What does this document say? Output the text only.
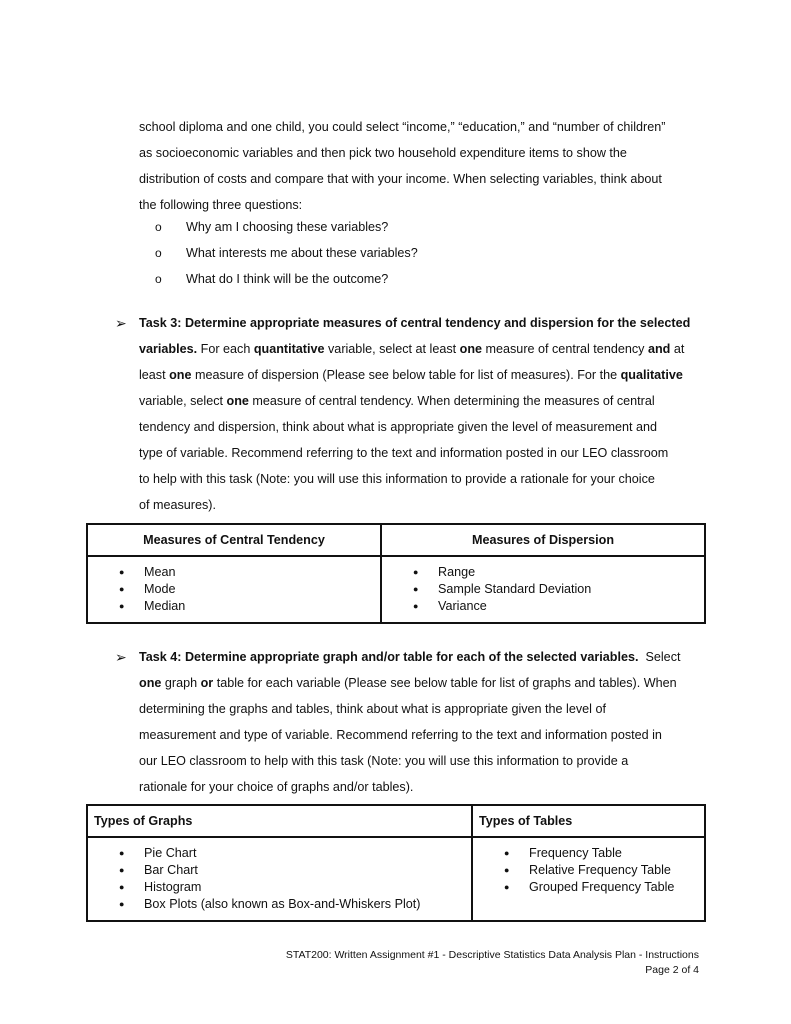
school diploma and one child, you could select “income,” “education,” and “number of children”
as socioeconomic variables and then pick two household expenditure items to show the
distribution of costs and compare that with your income. When selecting variables, think about
the following three questions:
o Why am I choosing these variables?
o What interests me about these variables?
o What do I think will be the outcome?
➢ Task 3: Determine appropriate measures of central tendency and dispersion for the selected
variables. For each quantitative variable, select at least one measure of central tendency and at
least one measure of dispersion (Please see below table for list of measures). For the qualitative
variable, select one measure of central tendency. When determining the measures of central
tendency and dispersion, think about what is appropriate given the level of measurement and
type of variable. Recommend referring to the text and information posted in our LEO classroom
to help with this task (Note: you will use this information to provide a rationale for your choice
of measures).
Measures of Central Tendency	Measures of Dispersion

● Mean
● Mode
● Median

● Range
● Sample Standard Deviation
● Variance
➢ Task 4: Determine appropriate graph and/or table for each of the selected variables.  Select
one graph or table for each variable (Please see below table for list of graphs and tables). When
determining the graphs and tables, think about what is appropriate given the level of
measurement and type of variable. Recommend referring to the text and information posted in
our LEO classroom to help with this task (Note: you will use this information to provide a
rationale for your choice of graphs and/or tables).
Types of Graphs	Types of Tables

● Pie Chart
● Bar Chart
● Histogram
● Box Plots (also known as Box-and-Whiskers Plot)

● Frequency Table
● Relative Frequency Table
● Grouped Frequency Table
STAT200: Written Assignment #1 - Descriptive Statistics Data Analysis Plan - Instructions
Page 2 of 4
